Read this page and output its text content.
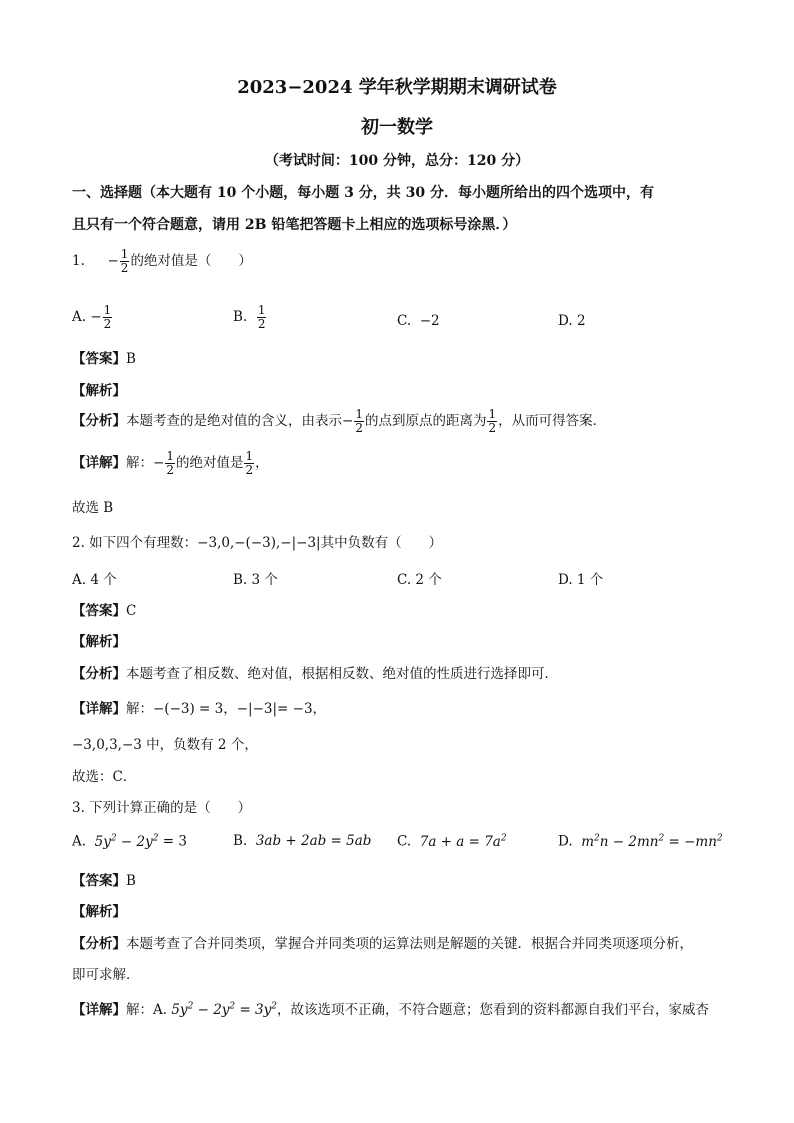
2023−2024 学年秋学期期末调研试卷
初一数学
（考试时间：100 分钟，总分：120 分）
一、选择题（本大题有 10 个小题，每小题 3 分，共 30 分．每小题所给出的四个选项中，有
且只有一个符合题意，请用 2B 铅笔把答题卡上相应的选项标号涂黑．）
1. − $\frac{1}{2}$ 的绝对值是（　　）
A. − $\frac{1}{2}$	B. $\frac{1}{2}$	C. −2	D. 2
【答案】B
【解析】
【分析】本题考查的是绝对值的含义，由表示− $\frac{1}{2}$ 的点到原点的距离为 $\frac{1}{2}$ ，从而可得答案．
【详解】解：− $\frac{1}{2}$ 的绝对值是 $\frac{1}{2}$ ，
故选 B
2. 如下四个有理数：−3,0,−(−3),−|−3|其中负数有（　　）
A. 4 个	B. 3 个	C. 2 个	D. 1 个
【答案】C
【解析】
【分析】本题考查了相反数、绝对值，根据相反数、绝对值的性质进行选择即可．
【详解】解：−(−3) = 3，−|−3|= −3，
−3,0,3,−3 中，负数有 2 个，
故选：C．
3. 下列计算正确的是（　　）
A. $5y^2 - 2y^2 = 3$	B. 3ab + 2ab = 5ab C. $7a + a = 7a^2$	D. $m^2n - 2mn^2 = -mn^2$
【答案】B
【解析】
【分析】本题考查了合并同类项，掌握合并同类项的运算法则是解题的关键．根据合并同类项逐项分析，
即可求解．
【详解】解：A. $5y^2 - 2y^2 = 3y^2$，故该选项不正确，不符合题意；您看到的资料都源自我们平台，家威杏
